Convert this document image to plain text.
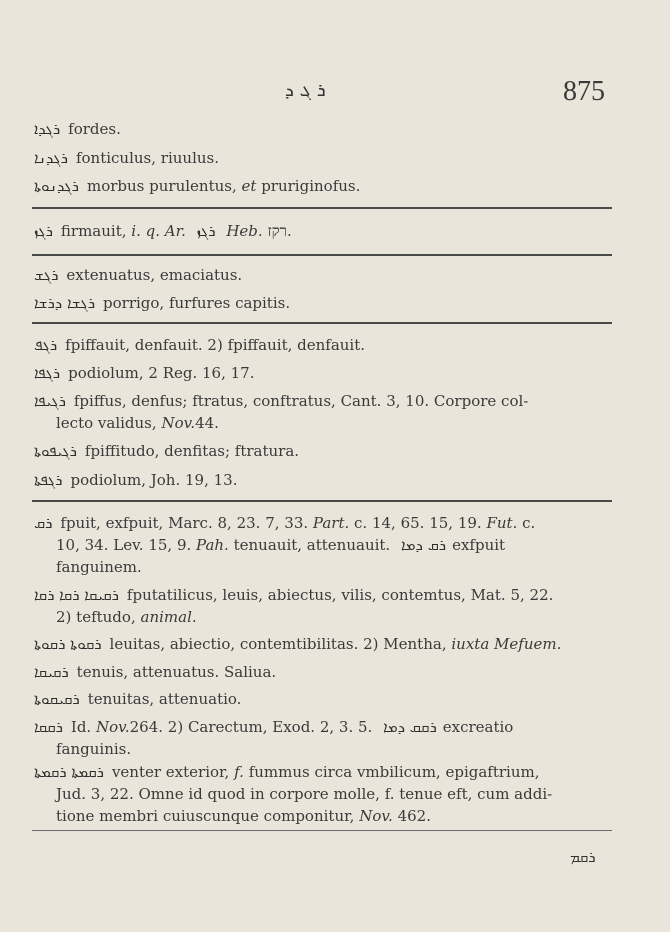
ܪ ܓ ܕ	875
ܪܓܕܐ fordes.
ܪܓܕܢܐ fonticulus, riuulus.
ܪܓܕܢܘܬܐ morbus purulentus, et pruriginofus.
ܪܓܙ firmauit, i. q. Ar. ܪܓܙ Heb. רקז.
ܪܓܫ extenuatus, emaciatus.
ܪܓܫܐ ܕܪܫܐ porrigo, furfures capitis.
ܪܓܦ fpiffauit, denfauit. 2) fpiffauit, denfauit.
ܪܓܦܐ podiolum, 2 Reg. 16, 17.
ܪܓܝܦܐ fpiffus, denfus; ftratus, conftratus, Cant. 3, 10. Corpore col-
lecto validus, Nov.44.
ܪܓܝܦܘܬܐ fpiffitudo, denfitas; ftratura.
ܪܓܦܬܐ podiolum, Joh. 19, 13.
ܪܩ fpuit, exfpuit, Marc. 8, 23. 7, 33. Part. c. 14, 65. 15, 19. Fut. c.
10, 34. Lev. 15, 9. Pah. tenuauit, attenuauit. ܪܩ ܕܡܐ exfpuit
fanguinem.
ܪܩܝܩܐ ܪܩܐ ܪܩܐ fputatilicus, leuis, abiectus, vilis, contemtus, Mat. 5, 22.
2) teftudo, animal.
ܪܩܘܬܐ ܪܩܘܬܐ leuitas, abiectio, contemtibilitas. 2) Mentha, iuxta Mefuem.
ܪܩܝܩܐ tenuis, attenuatus. Saliua.
ܪܩܝܩܘܬܐ tenuitas, attenuatio.
ܪܩܩܐ Id. Nov.264. 2) Carectum, Exod. 2, 3. 5. ܪܩܩ ܕܡܐ excreatio
fanguinis.
ܪܩܡܬܐ ܪܩܡܬܐ venter exterior, f. fummus circa vmbilicum, epigaftrium,
Jud. 3, 22. Omne id quod in corpore molle, f. tenue eft, cum addi-
tione membri cuiuscunque componitur, Nov. 462.
ܪܩܡ
